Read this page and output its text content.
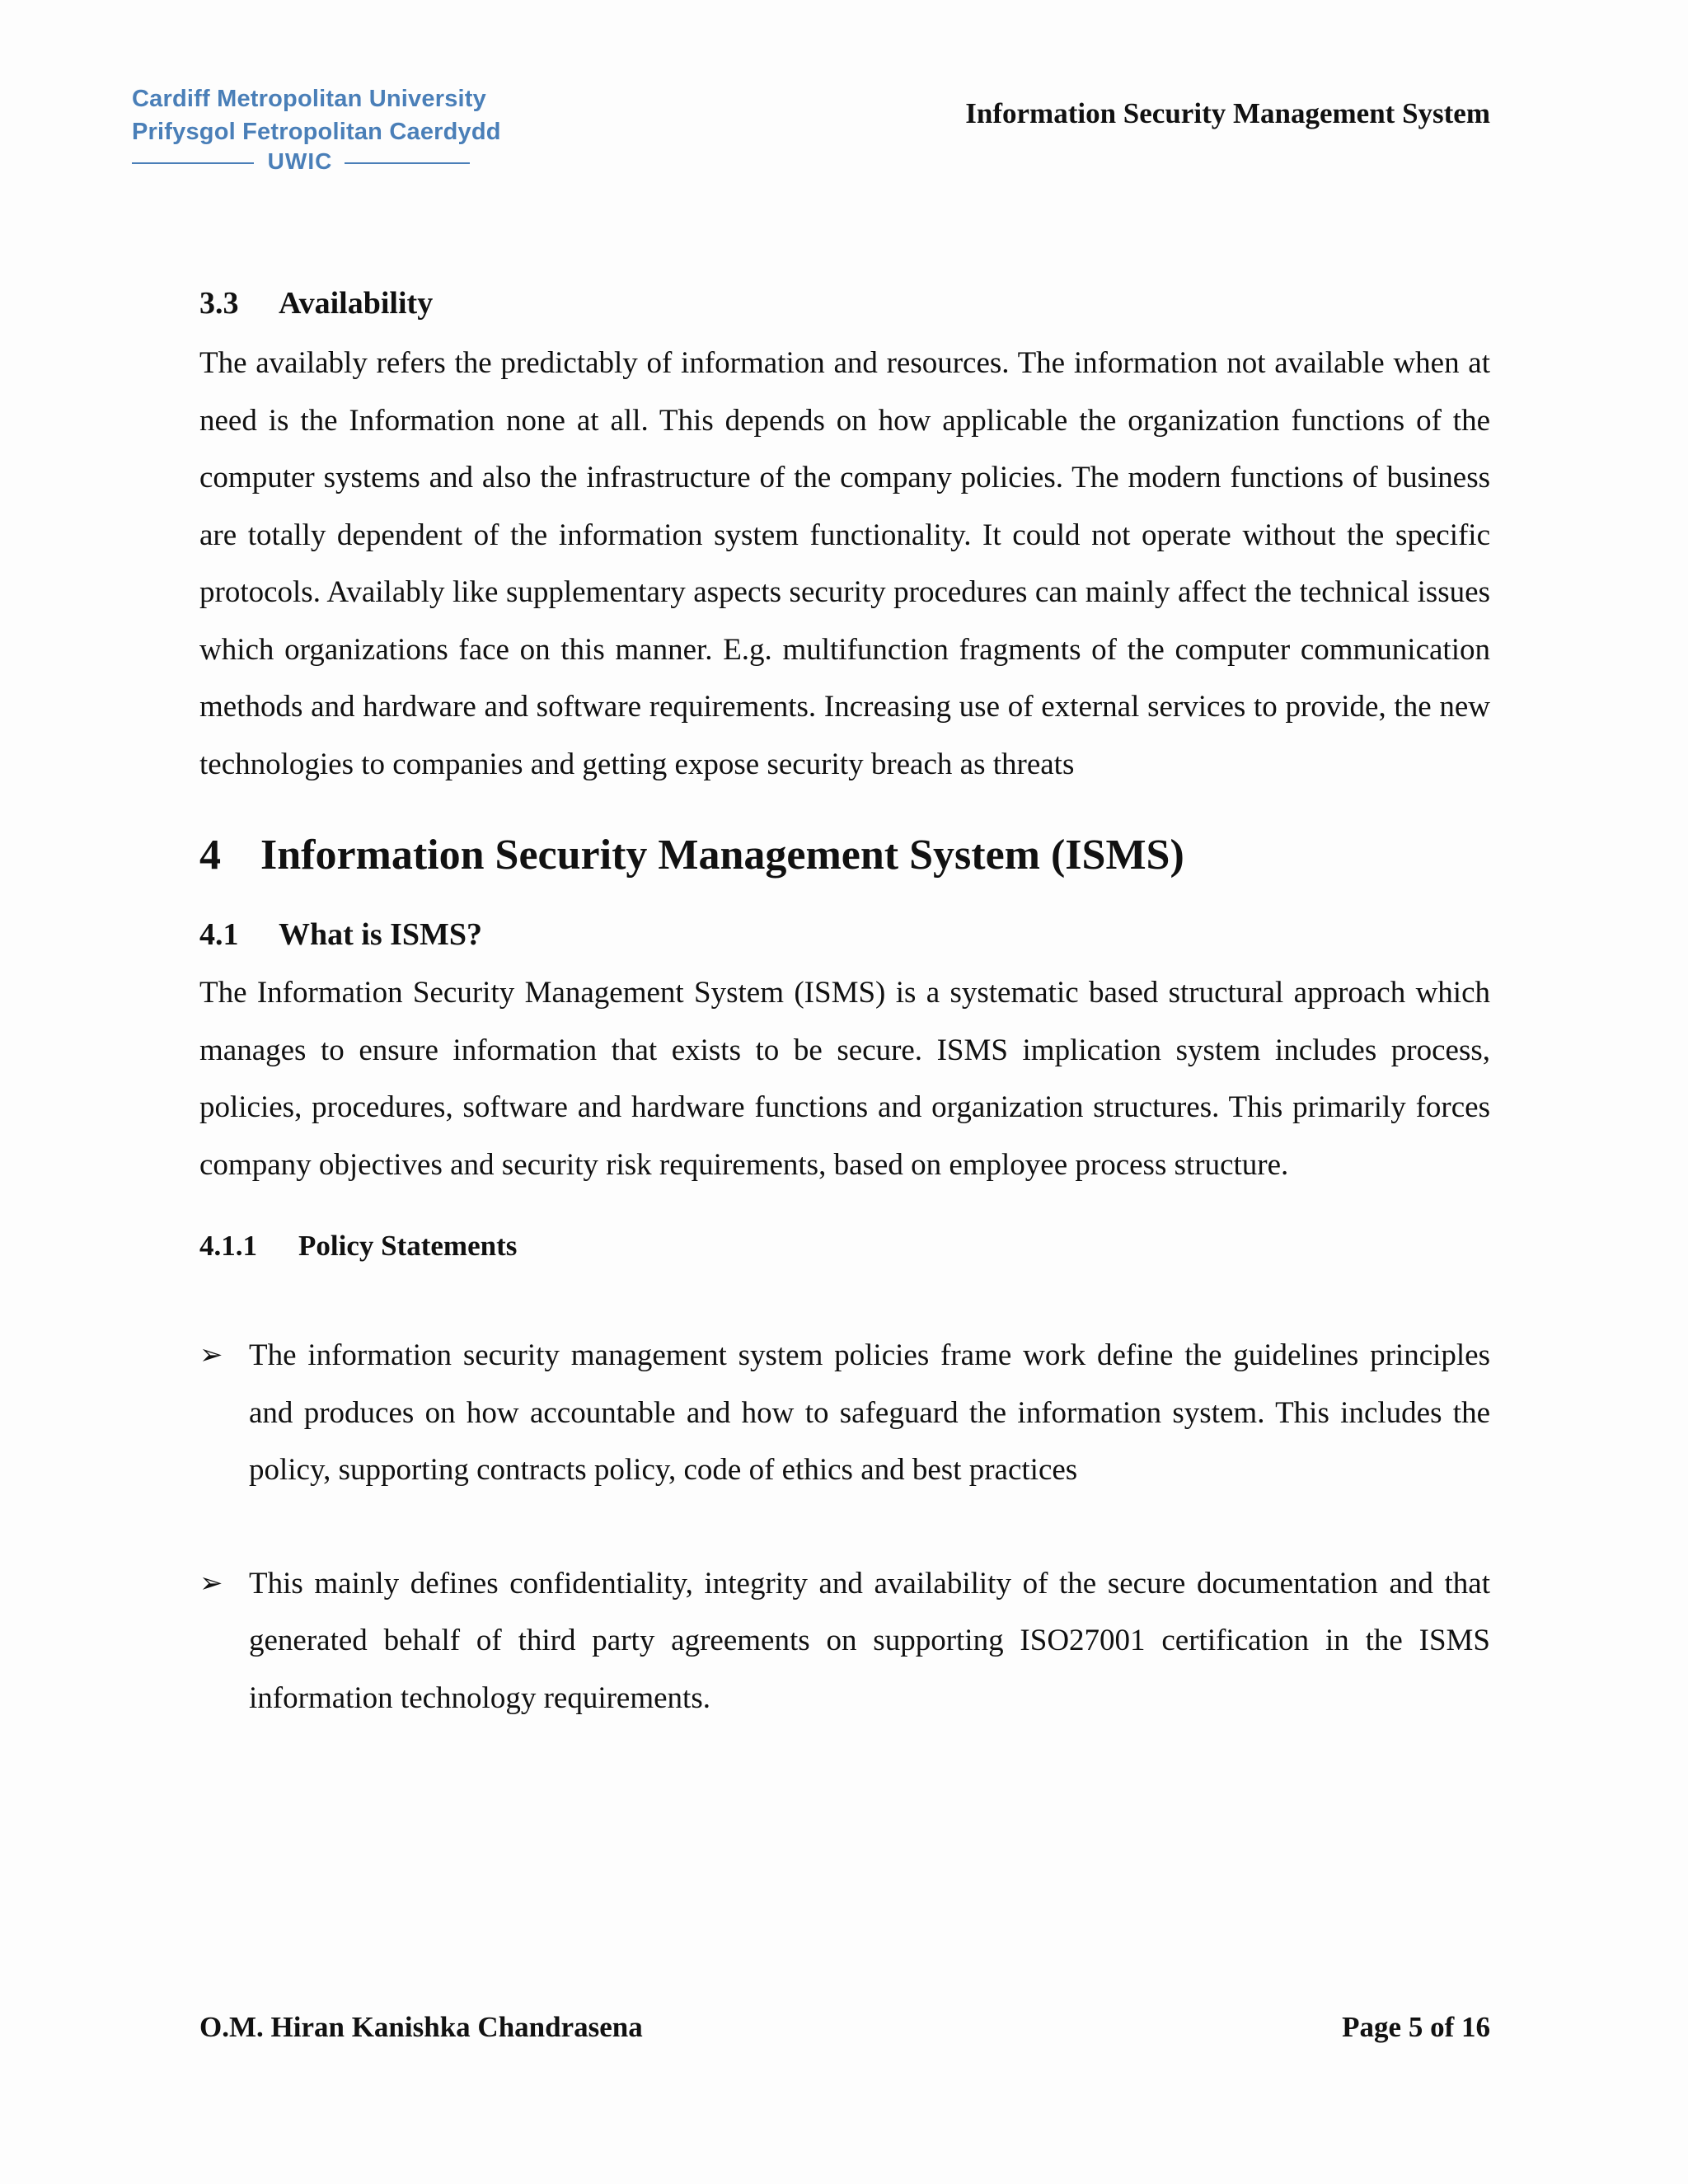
Cardiff Metropolitan University
Prifysgol Fetropolitan Caerdydd
UWIC
Information Security Management System
3.3	Availability

The availably refers the predictably of information and resources. The information not available when at need is the Information none at all. This depends on how applicable the organization functions of the computer systems and also the infrastructure of the company policies. The modern functions of business are totally dependent of the information system functionality. It could not operate without the specific protocols. Availably like supplementary aspects security procedures can mainly affect the technical issues which organizations face on this manner. E.g. multifunction fragments of the computer communication methods and hardware and software requirements. Increasing use of external services to provide, the new technologies to companies and getting expose security breach as threats

4 Information Security Management System (ISMS)
4.1	What is ISMS?

The Information Security Management System (ISMS) is a systematic based structural approach which manages to ensure information that exists to be secure. ISMS implication system includes process, policies, procedures, software and hardware functions and organization structures. This primarily forces company objectives and security risk requirements, based on employee process structure.

4.1.1	Policy Statements
➢ The information security management system policies frame work define the guidelines principles and produces on how accountable and how to safeguard the information system. This includes the policy, supporting contracts policy, code of ethics and best practices
➢ This mainly defines confidentiality, integrity and availability of the secure documentation and that generated behalf of third party agreements on supporting ISO27001 certification in the ISMS information technology requirements.
O.M. Hiran Kanishka Chandrasena	Page 5 of 16
